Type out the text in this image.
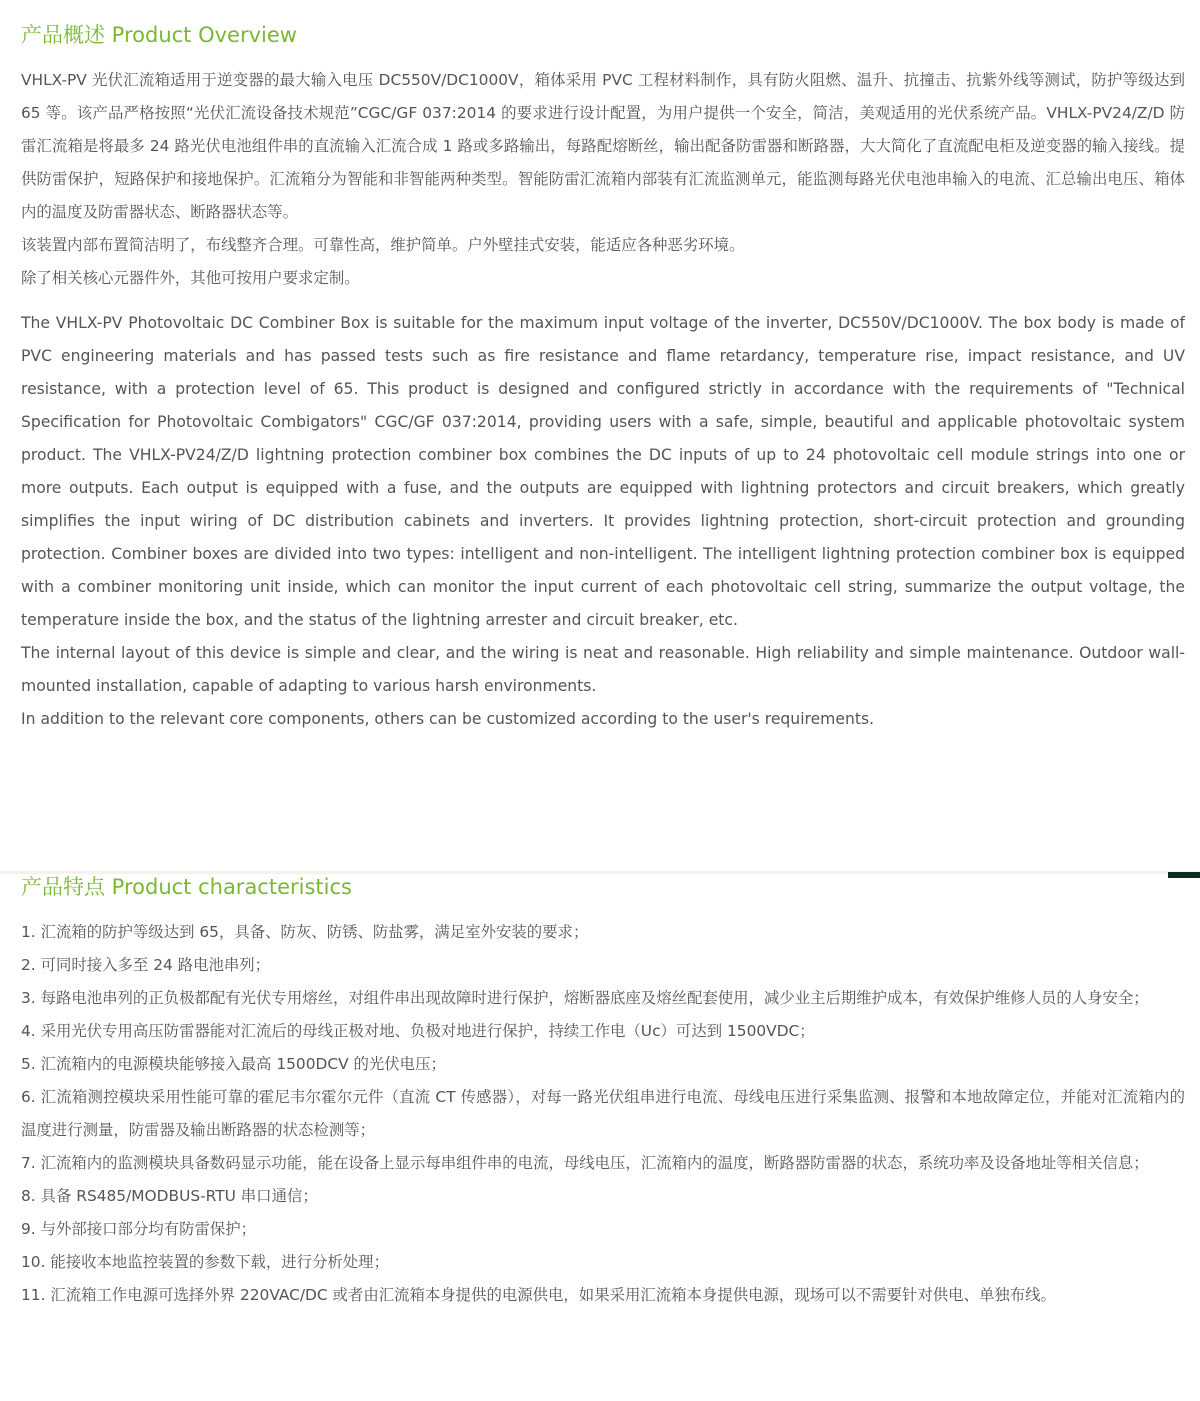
产品概述 Product Overview

VHLX-PV 光伏汇流箱适用于逆变器的最大输入电压 DC550V/DC1000V，箱体采用 PVC 工程材料制作，具有防火阻燃、温升、抗撞击、抗紫外线等测试，防护等级达到 65 等。该产品严格按照“光伏汇流设备技术规范”CGC/GF 037:2014 的要求进行设计配置，为用户提供一个安全，简洁，美观适用的光伏系统产品。VHLX-PV24/Z/D 防雷汇流箱是将最多 24 路光伏电池组件串的直流输入汇流合成 1 路或多路输出，每路配熔断丝，输出配备防雷器和断路器，大大简化了直流配电柜及逆变器的输入接线。提供防雷保护，短路保护和接地保护。汇流箱分为智能和非智能两种类型。智能防雷汇流箱内部装有汇流监测单元，能监测每路光伏电池串输入的电流、汇总输出电压、箱体内的温度及防雷器状态、断路器状态等。

该装置内部布置简洁明了，布线整齐合理。可靠性高，维护简单。户外壁挂式安装，能适应各种恶劣环境。

除了相关核心元器件外，其他可按用户要求定制。

The VHLX-PV Photovoltaic DC Combiner Box is suitable for the maximum input voltage of the inverter, DC550V/DC1000V. The box body is made of PVC engineering materials and has passed tests such as fire resistance and flame retardancy, temperature rise, impact resistance, and UV resistance, with a protection level of 65. This product is designed and configured strictly in accordance with the requirements of "Technical Specification for Photovoltaic Combigators" CGC/GF 037:2014, providing users with a safe, simple, beautiful and applicable photovoltaic system product. The VHLX-PV24/Z/D lightning protection combiner box combines the DC inputs of up to 24 photovoltaic cell module strings into one or more outputs. Each output is equipped with a fuse, and the outputs are equipped with lightning protectors and circuit breakers, which greatly simplifies the input wiring of DC distribution cabinets and inverters. It provides lightning protection, short-circuit protection and grounding protection. Combiner boxes are divided into two types: intelligent and non-intelligent. The intelligent lightning protection combiner box is equipped with a combiner monitoring unit inside, which can monitor the input current of each photovoltaic cell string, summarize the output voltage, the temperature inside the box, and the status of the lightning arrester and circuit breaker, etc.

The internal layout of this device is simple and clear, and the wiring is neat and reasonable. High reliability and simple maintenance. Outdoor wall-mounted installation, capable of adapting to various harsh environments.

In addition to the relevant core components, others can be customized according to the user's requirements.

产品特点 Product characteristics

1. 汇流箱的防护等级达到 65，具备、防灰、防锈、防盐雾，满足室外安装的要求；

2. 可同时接入多至 24 路电池串列；

3. 每路电池串列的正负极都配有光伏专用熔丝，对组件串出现故障时进行保护，熔断器底座及熔丝配套使用，减少业主后期维护成本，有效保护维修人员的人身安全；

4. 采用光伏专用高压防雷器能对汇流后的母线正极对地、负极对地进行保护，持续工作电（Uc）可达到 1500VDC；

5. 汇流箱内的电源模块能够接入最高 1500DCV 的光伏电压；

6. 汇流箱测控模块采用性能可靠的霍尼韦尔霍尔元件（直流 CT 传感器），对每一路光伏组串进行电流、母线电压进行采集监测、报警和本地故障定位，并能对汇流箱内的温度进行测量，防雷器及输出断路器的状态检测等；

7. 汇流箱内的监测模块具备数码显示功能，能在设备上显示每串组件串的电流，母线电压，汇流箱内的温度，断路器防雷器的状态，系统功率及设备地址等相关信息；

8. 具备 RS485/MODBUS-RTU 串口通信；

9. 与外部接口部分均有防雷保护；

10. 能接收本地监控装置的参数下载，进行分析处理；

11. 汇流箱工作电源可选择外界 220VAC/DC 或者由汇流箱本身提供的电源供电，如果采用汇流箱本身提供电源，现场可以不需要针对供电、单独布线。
